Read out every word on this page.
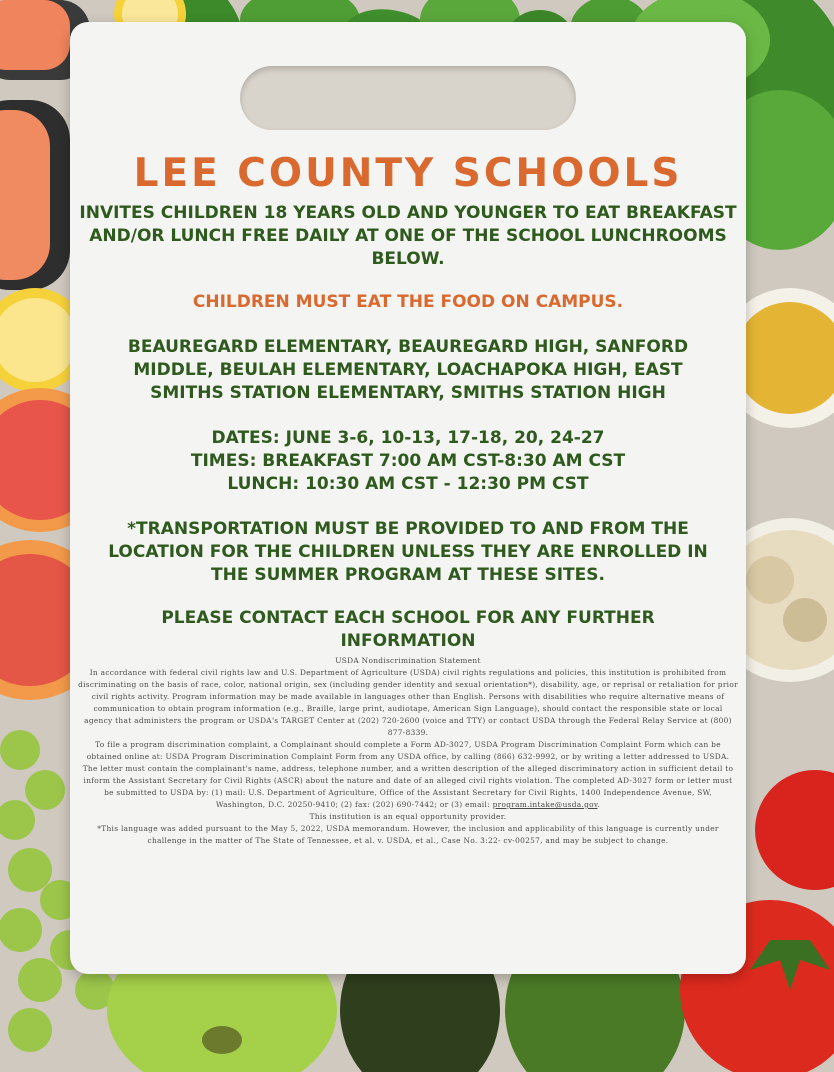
LEE COUNTY SCHOOLS

INVITES CHILDREN 18 YEARS OLD AND YOUNGER TO EAT BREAKFAST AND/OR LUNCH FREE DAILY AT ONE OF THE SCHOOL LUNCHROOMS BELOW.

CHILDREN MUST EAT THE FOOD ON CAMPUS.

BEAUREGARD ELEMENTARY, BEAUREGARD HIGH, SANFORD MIDDLE, BEULAH ELEMENTARY, LOACHAPOKA HIGH, EAST SMITHS STATION ELEMENTARY, SMITHS STATION HIGH

DATES: JUNE 3-6, 10-13, 17-18, 20, 24-27

TIMES: BREAKFAST 7:00 AM CST-8:30 AM CST

LUNCH: 10:30 AM CST - 12:30 PM CST

*TRANSPORTATION MUST BE PROVIDED TO AND FROM THE LOCATION FOR THE CHILDREN UNLESS THEY ARE ENROLLED IN THE SUMMER PROGRAM AT THESE SITES.

PLEASE CONTACT EACH SCHOOL FOR ANY FURTHER INFORMATION

USDA Nondiscrimination Statement

In accordance with federal civil rights law and U.S. Department of Agriculture (USDA) civil rights regulations and policies, this institution is prohibited from discriminating on the basis of race, color, national origin, sex (including gender identity and sexual orientation*), disability, age, or reprisal or retaliation for prior civil rights activity. Program information may be made available in languages other than English. Persons with disabilities who require alternative means of communication to obtain program information (e.g., Braille, large print, audiotape, American Sign Language), should contact the responsible state or local agency that administers the program or USDA's TARGET Center at (202) 720-2600 (voice and TTY) or contact USDA through the Federal Relay Service at (800) 877-8339.

To file a program discrimination complaint, a Complainant should complete a Form AD-3027, USDA Program Discrimination Complaint Form which can be obtained online at: USDA Program Discrimination Complaint Form from any USDA office, by calling (866) 632-9992, or by writing a letter addressed to USDA. The letter must contain the complainant's name, address, telephone number, and a written description of the alleged discriminatory action in sufficient detail to inform the Assistant Secretary for Civil Rights (ASCR) about the nature and date of an alleged civil rights violation. The completed AD-3027 form or letter must be submitted to USDA by: (1) mail: U.S. Department of Agriculture, Office of the Assistant Secretary for Civil Rights, 1400 Independence Avenue, SW, Washington, D.C. 20250-9410; (2) fax: (202) 690-7442; or (3) email: program.intake@usda.gov.

This institution is an equal opportunity provider.

*This language was added pursuant to the May 5, 2022, USDA memorandum. However, the inclusion and applicability of this language is currently under challenge in the matter of The State of Tennessee, et al. v. USDA, et al., Case No. 3:22- cv-00257, and may be subject to change.
